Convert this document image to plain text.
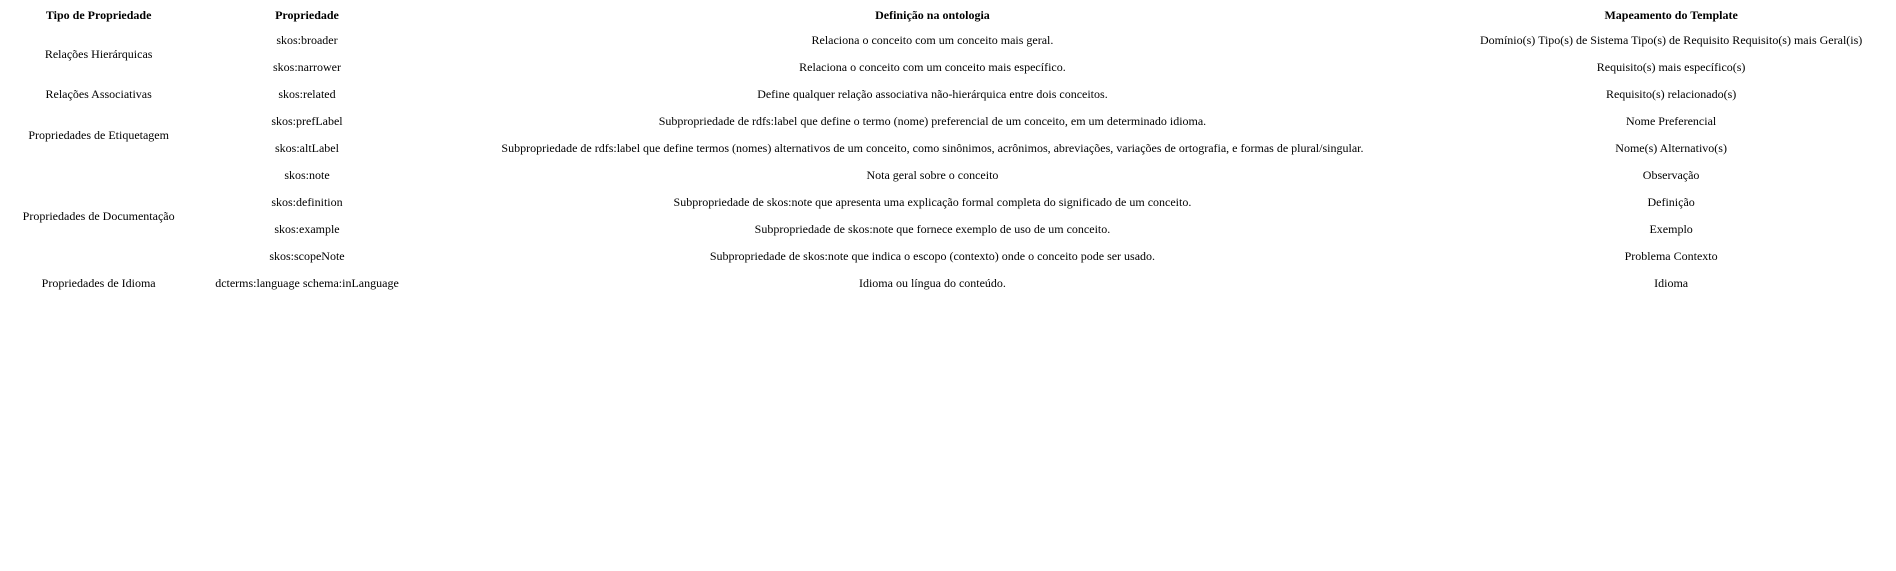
Tipo de Propriedade	Propriedade	Definição na ontologia	Mapeamento do Template
Relações Hierárquicas	skos:broader	Relaciona o conceito com um conceito mais geral.	Domínio(s) Tipo(s) de Sistema Tipo(s) de Requisito Requisito(s) mais Geral(is)
	skos:narrower	Relaciona o conceito com um conceito mais específico.	Requisito(s) mais específico(s)
Relações Associativas	skos:related	Define qualquer relação associativa não-hierárquica entre dois conceitos.	Requisito(s) relacionado(s)
Propriedades de Etiquetagem	skos:prefLabel	Subpropriedade de rdfs:label que define o termo (nome) preferencial de um conceito, em um determinado idioma.	Nome Preferencial
	skos:altLabel	Subpropriedade de rdfs:label que define termos (nomes) alternativos de um conceito, como sinônimos, acrônimos, abreviações, variações de ortografia, e formas de plural/singular.	Nome(s) Alternativo(s)
Propriedades de Documentação	skos:note	Nota geral sobre o conceito	Observação
	skos:definition	Subpropriedade de skos:note que apresenta uma explicação formal completa do significado de um conceito.	Definição
	skos:example	Subpropriedade de skos:note que fornece exemplo de uso de um conceito.	Exemplo
	skos:scopeNote	Subpropriedade de skos:note que indica o escopo (contexto) onde o conceito pode ser usado.	Problema Contexto
Propriedades de Idioma	dcterms:language schema:inLanguage	Idioma ou língua do conteúdo.	Idioma
